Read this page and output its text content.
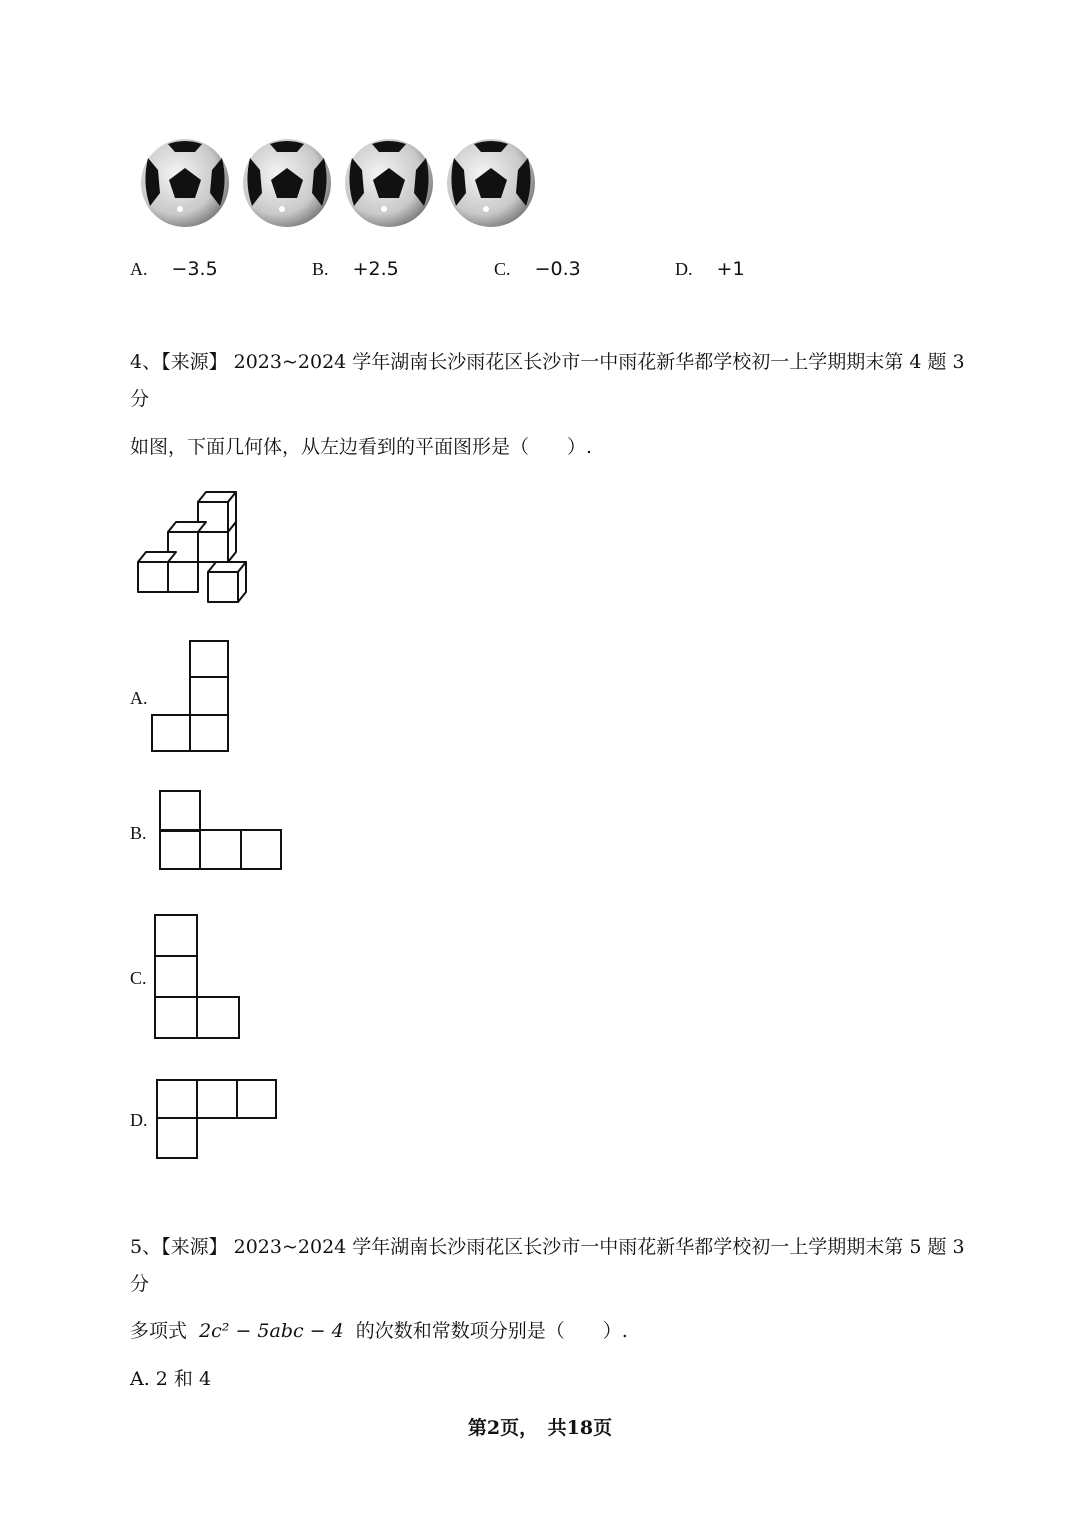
A. −3.5	B. +2.5	C. −0.3	D. +1
4、【来源】 2023~2024 学年湖南长沙雨花区长沙市一中雨花新华都学校初一上学期期末第 4 题 3
分
如图，下面几何体，从左边看到的平面图形是（　　）.
A.
B.
C.
D.
5、【来源】 2023~2024 学年湖南长沙雨花区长沙市一中雨花新华都学校初一上学期期末第 5 题 3
分
多项式 2c² − 5abc − 4 的次数和常数项分别是（　　）.
A. 2 和 4
第2页，　共18页
